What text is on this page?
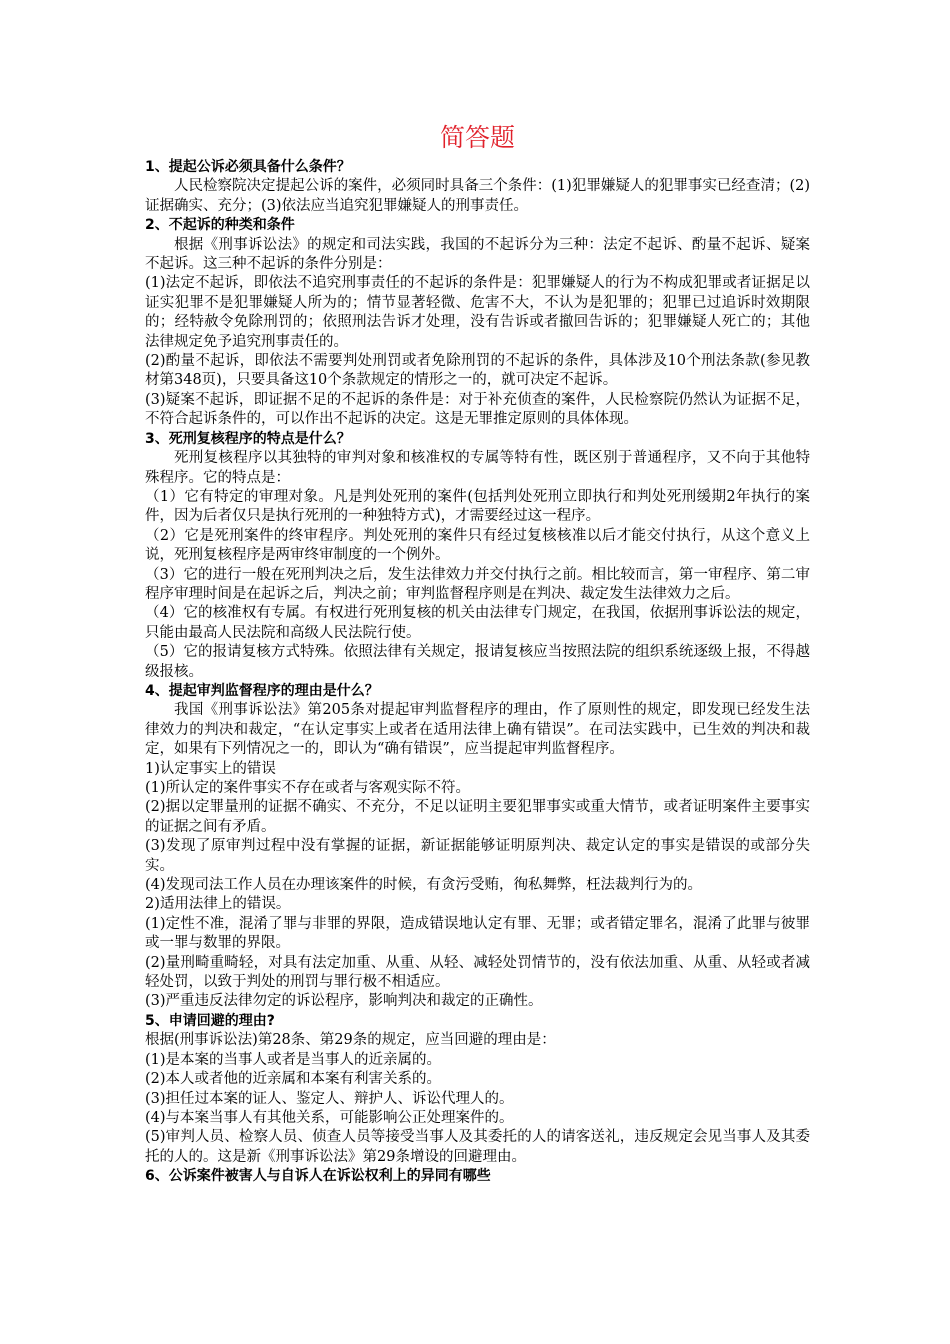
简答题
1、提起公诉必须具备什么条件？
人民检察院决定提起公诉的案件，必须同时具备三个条件：(1)犯罪嫌疑人的犯罪事实已经查清；(2)证据确实、充分；(3)依法应当追究犯罪嫌疑人的刑事责任。
2、不起诉的种类和条件
根据《刑事诉讼法》的规定和司法实践，我国的不起诉分为三种：法定不起诉、酌量不起诉、疑案不起诉。这三种不起诉的条件分别是：
(1)法定不起诉，即依法不追究刑事责任的不起诉的条件是：犯罪嫌疑人的行为不构成犯罪或者证据足以证实犯罪不是犯罪嫌疑人所为的；情节显著轻微、危害不大，不认为是犯罪的；犯罪已过追诉时效期限的；经特赦令免除刑罚的；依照刑法告诉才处理，没有告诉或者撤回告诉的；犯罪嫌疑人死亡的；其他法律规定免予追究刑事责任的。
(2)酌量不起诉，即依法不需要判处刑罚或者免除刑罚的不起诉的条件，具体涉及10个刑法条款(参见教材第348页)，只要具备这10个条款规定的情形之一的，就可决定不起诉。
(3)疑案不起诉，即证据不足的不起诉的条件是：对于补充侦查的案件，人民检察院仍然认为证据不足，不符合起诉条件的，可以作出不起诉的决定。这是无罪推定原则的具体体现。
3、死刑复核程序的特点是什么？
死刑复核程序以其独特的审判对象和核准权的专属等特有性，既区别于普通程序，又不向于其他特殊程序。它的特点是：
（1）它有特定的审理对象。凡是判处死刑的案件(包括判处死刑立即执行和判处死刑缓期2年执行的案件，因为后者仅只是执行死刑的一种独特方式)，才需要经过这一程序。
（2）它是死刑案件的终审程序。判处死刑的案件只有经过复核核准以后才能交付执行，从这个意义上说，死刑复核程序是两审终审制度的一个例外。
（3）它的进行一般在死刑判决之后，发生法律效力并交付执行之前。相比较而言，第一审程序、第二审程序审理时间是在起诉之后，判决之前；审判监督程序则是在判决、裁定发生法律效力之后。
（4）它的核准权有专属。有权进行死刑复核的机关由法律专门规定，在我国，依据刑事诉讼法的规定，只能由最高人民法院和高级人民法院行使。
（5）它的报请复核方式特殊。依照法律有关规定，报请复核应当按照法院的组织系统逐级上报，不得越级报核。
4、提起审判监督程序的理由是什么？
我国《刑事诉讼法》第205条对提起审判监督程序的理由，作了原则性的规定，即发现已经发生法律效力的判决和裁定，“在认定事实上或者在适用法律上确有错误”。在司法实践中，已生效的判决和裁定，如果有下列情况之一的，即认为“确有错误”，应当提起审判监督程序。
1)认定事实上的错误
(1)所认定的案件事实不存在或者与客观实际不符。
(2)据以定罪量刑的证据不确实、不充分，不足以证明主要犯罪事实或重大情节，或者证明案件主要事实的证据之间有矛盾。
(3)发现了原审判过程中没有掌握的证据，新证据能够证明原判决、裁定认定的事实是错误的或部分失实。
(4)发现司法工作人员在办理该案件的时候，有贪污受贿，徇私舞弊，枉法裁判行为的。
2)适用法律上的错误。
(1)定性不准，混淆了罪与非罪的界限，造成错误地认定有罪、无罪；或者错定罪名，混淆了此罪与彼罪或一罪与数罪的界限。
(2)量刑畸重畸轻，对具有法定加重、从重、从轻、减轻处罚情节的，没有依法加重、从重、从轻或者减轻处罚，以致于判处的刑罚与罪行极不相适应。
(3)严重违反法律勿定的诉讼程序，影响判决和裁定的正确性。
5、申请回避的理由?
根据(刑事诉讼法)第28条、第29条的规定，应当回避的理由是：
(1)是本案的当事人或者是当事人的近亲属的。
(2)本人或者他的近亲属和本案有利害关系的。
(3)担任过本案的证人、鉴定人、辩护人、诉讼代理人的。
(4)与本案当事人有其他关系，可能影响公正处理案件的。
(5)审判人员、检察人员、侦查人员等接受当事人及其委托的人的请客送礼，违反规定会见当事人及其委托的人的。这是新《刑事诉讼法》第29条增设的回避理由。
6、公诉案件被害人与自诉人在诉讼权利上的异同有哪些
